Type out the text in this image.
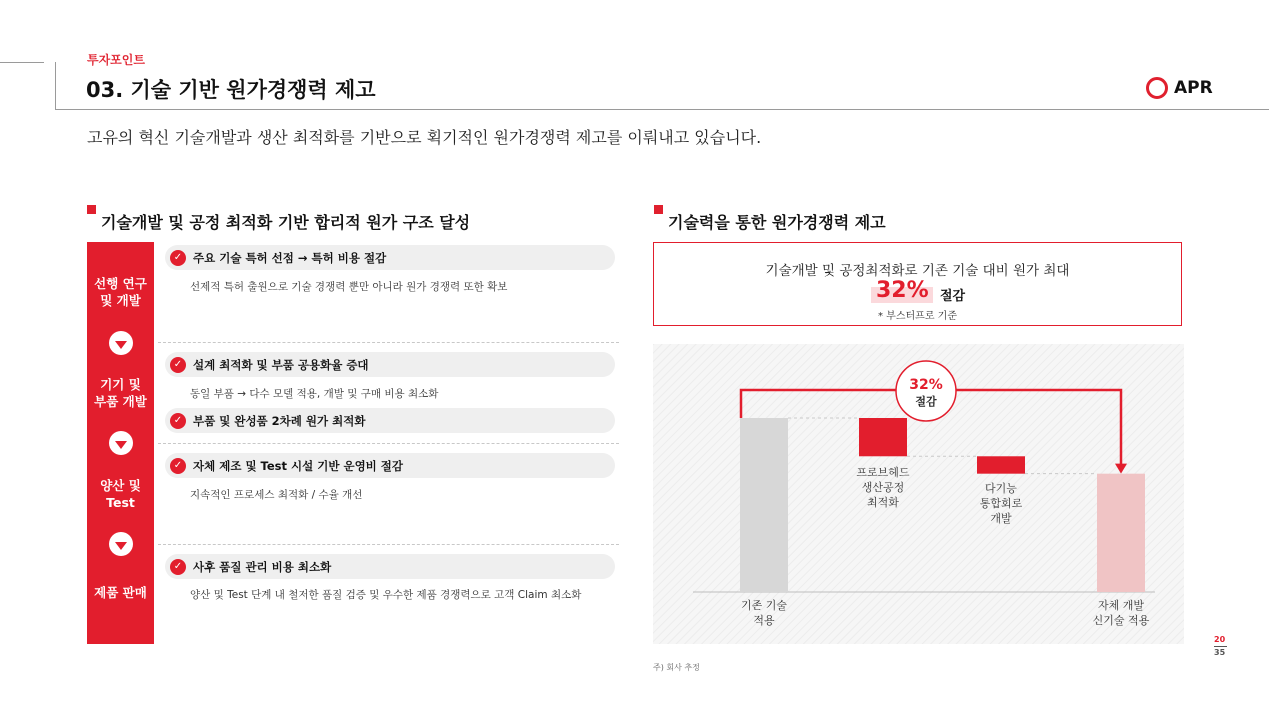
투자포인트
03. 기술 기반 원가경쟁력 제고	APR
고유의 혁신 기술개발과 생산 최적화를 기반으로 획기적인 원가경쟁력 제고를 이뤄내고 있습니다.
기술개발 및 공정 최적화 기반 합리적 원가 구조 달성
선행 연구
및 개발
기기 및
부품 개발
양산 및
Test
제품 판매
✓ 주요 기술 특허 선점 → 특허 비용 절감
선제적 특허 출원으로 기술 경쟁력 뿐만 아니라 원가 경쟁력 또한 확보
✓ 설계 최적화 및 부품 공용화율 증대
동일 부품 → 다수 모델 적용, 개발 및 구매 비용 최소화
✓ 부품 및 완성품 2차례 원가 최적화
✓ 자체 제조 및 Test 시설 기반 운영비 절감
지속적인 프로세스 최적화 / 수율 개선
✓ 사후 품질 관리 비용 최소화
양산 및 Test 단계 내 철저한 품질 검증 및 우수한 제품 경쟁력으로 고객 Claim 최소화
기술력을 통한 원가경쟁력 제고
기술개발 및 공정최적화로 기존 기술 대비 원가 최대
32% 절감
* 부스터프로 기준
기존 기술 적용
프로브헤드 생산공정 최적화
다기능 통합회로 개발
자체 개발 신기술 적용
32%
절감
주) 회사 추정
20
35
